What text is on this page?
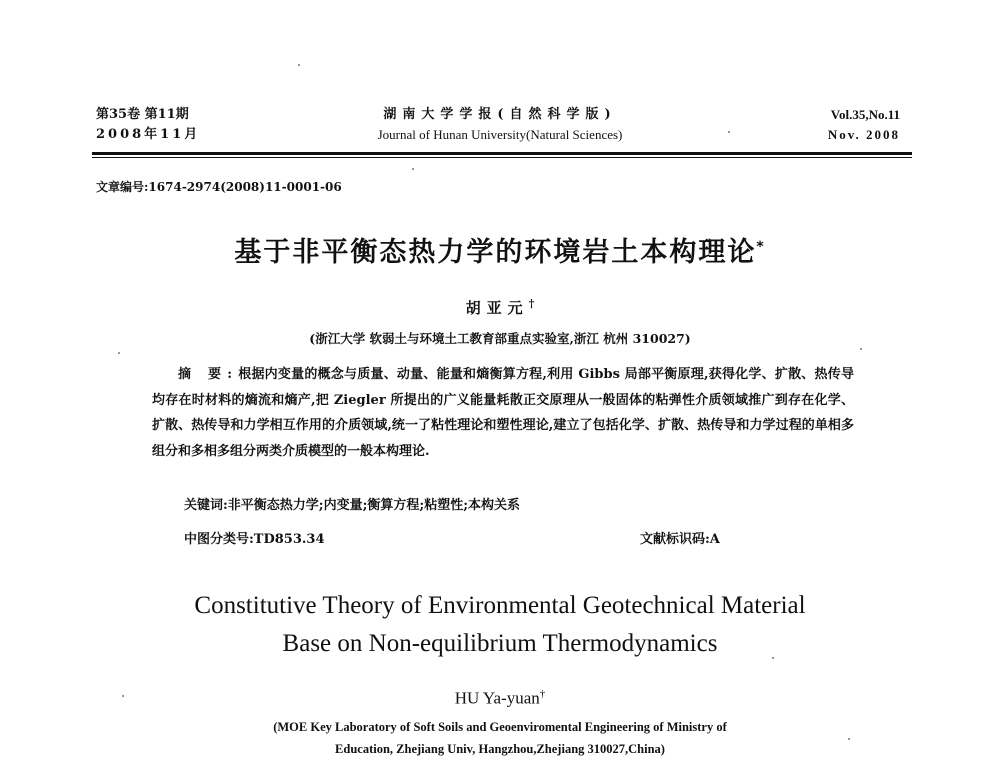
第35卷 第11期
2008年11月
湖南大学学报(自然科学版)
Journal of Hunan University(Natural Sciences)
Vol.35,No.11
Nov. 2008
文章编号:1674-2974(2008)11-0001-06
基于非平衡态热力学的环境岩土本构理论*
胡亚元†
(浙江大学 软弱土与环境土工教育部重点实验室,浙江 杭州 310027)
摘 要:根据内变量的概念与质量、动量、能量和熵衡算方程,利用 Gibbs 局部平衡原理,获得化学、扩散、热传导均存在时材料的熵流和熵产,把 Ziegler 所提出的广义能量耗散正交原理从一般固体的粘弹性介质领域推广到存在化学、扩散、热传导和力学相互作用的介质领域,统一了粘性理论和塑性理论,建立了包括化学、扩散、热传导和力学过程的单相多组分和多相多组分两类介质模型的一般本构理论.
关键词:非平衡态热力学;内变量;衡算方程;粘塑性;本构关系
中图分类号:TD853.34	文献标识码:A
Constitutive Theory of Environmental Geotechnical Material
Base on Non-equilibrium Thermodynamics
HU Ya-yuan†
(MOE Key Laboratory of Soft Soils and Geoenviromental Engineering of Ministry of
Education, Zhejiang Univ, Hangzhou,Zhejiang 310027,China)
